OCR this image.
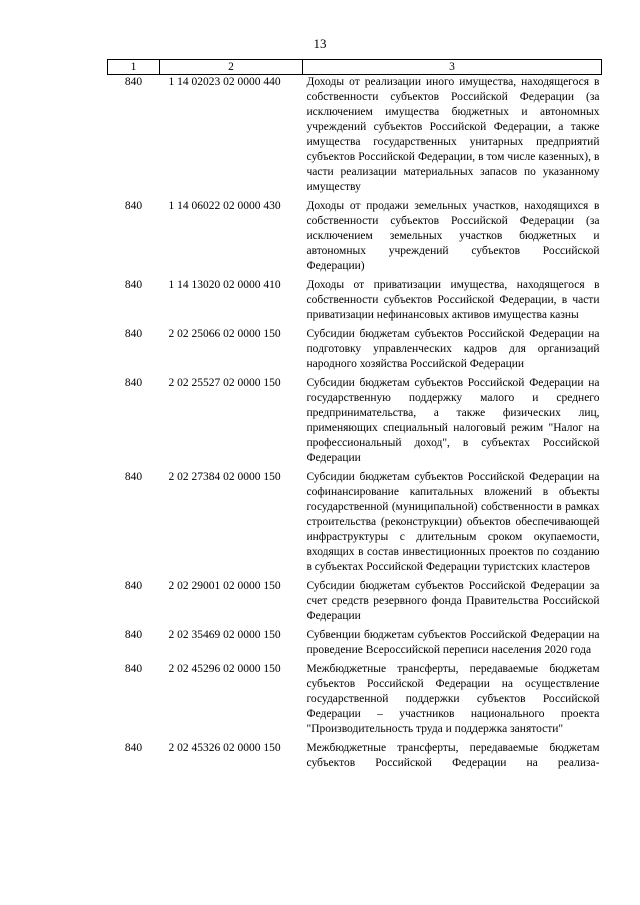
13
1	2	3
840	1 14 02023 02 0000 440	Доходы от реализации иного имущества, находящегося в собственности субъектов Российской Федерации (за исключением имущества бюджетных и автономных учреждений субъектов Российской Федерации, а также имущества государственных унитарных предприятий субъектов Российской Федерации, в том числе казенных), в части реализации материальных запасов по указанному имуществу
840	1 14 06022 02 0000 430	Доходы от продажи земельных участков, находящихся в собственности субъектов Российской Федерации (за исключением земельных участков бюджетных и автономных учреждений субъектов Российской Федерации)
840	1 14 13020 02 0000 410	Доходы от приватизации имущества, находящегося в собственности субъектов Российской Федерации, в части приватизации нефинансовых активов имущества казны
840	2 02 25066 02 0000 150	Субсидии бюджетам субъектов Российской Федерации на подготовку управленческих кадров для организаций народного хозяйства Российской Федерации
840	2 02 25527 02 0000 150	Субсидии бюджетам субъектов Российской Федерации на государственную поддержку малого и среднего предпринимательства, а также физических лиц, применяющих специальный налоговый режим "Налог на профессиональный доход", в субъектах Российской Федерации
840	2 02 27384 02 0000 150	Субсидии бюджетам субъектов Российской Федерации на софинансирование капитальных вложений в объекты государственной (муниципальной) собственности в рамках строительства (реконструкции) объектов обеспечивающей инфраструктуры с длительным сроком окупаемости, входящих в состав инвестиционных проектов по созданию в субъектах Российской Федерации туристских кластеров
840	2 02 29001 02 0000 150	Субсидии бюджетам субъектов Российской Федерации за счет средств резервного фонда Правительства Российской Федерации
840	2 02 35469 02 0000 150	Субвенции бюджетам субъектов Российской Федерации на проведение Всероссийской переписи населения 2020 года
840	2 02 45296 02 0000 150	Межбюджетные трансферты, передаваемые бюджетам субъектов Российской Федерации на осуществление государственной поддержки субъектов Российской Федерации – участников национального проекта "Производительность труда и поддержка занятости"
840	2 02 45326 02 0000 150	Межбюджетные трансферты, передаваемые бюджетам субъектов Российской Федерации на реализа-
